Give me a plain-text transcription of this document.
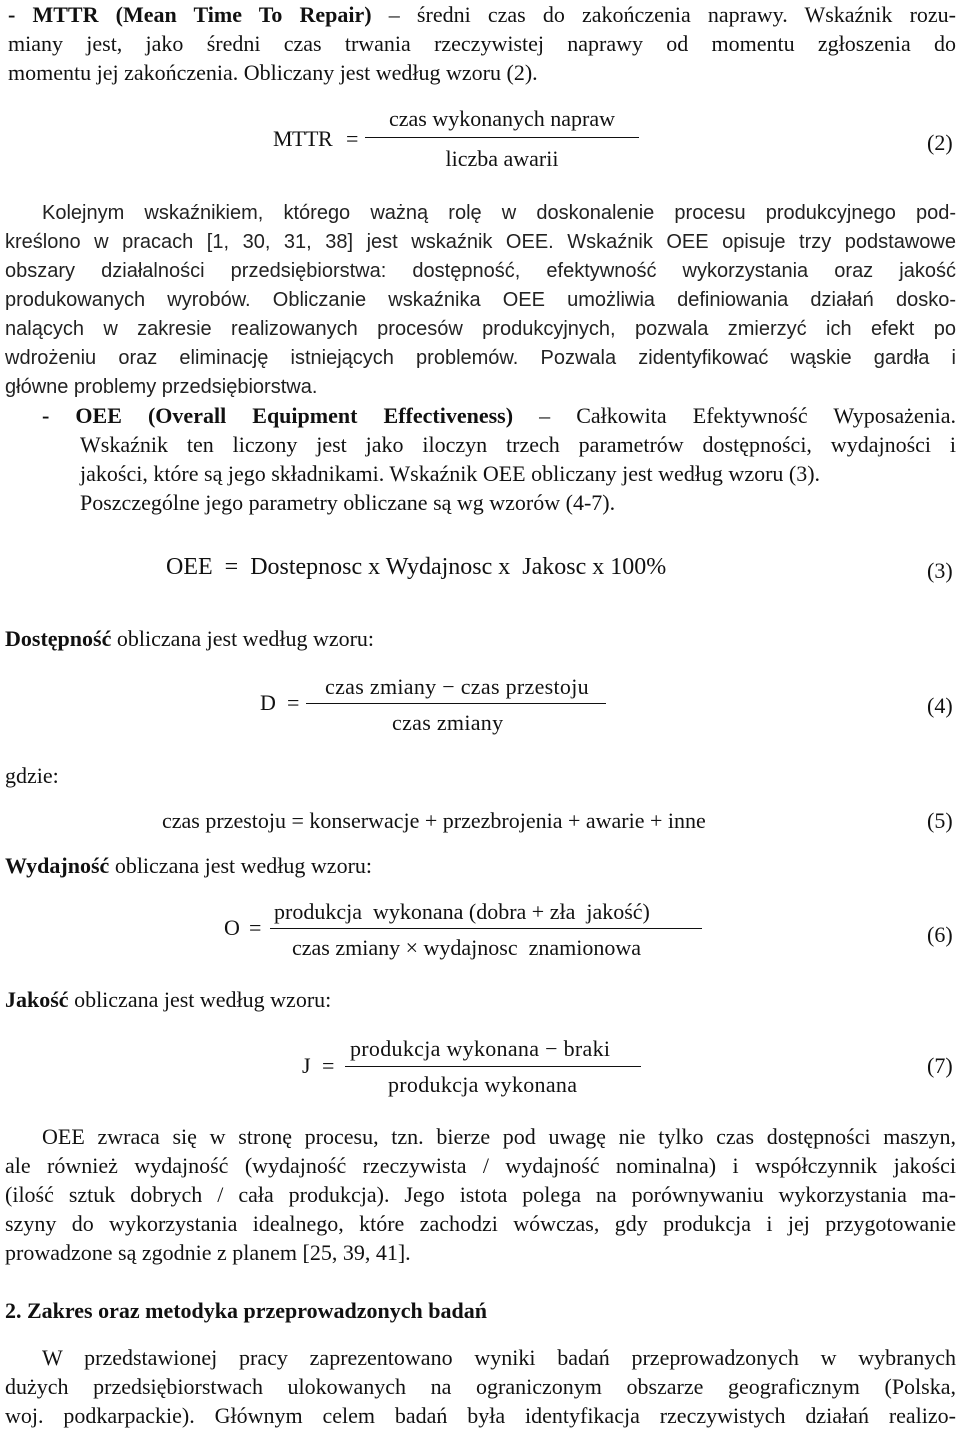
- MTTR (Mean Time To Repair) – średni czas do zakończenia naprawy. Wskaźnik rozu-
miany jest, jako średni czas trwania rzeczywistej naprawy od momentu zgłoszenia do
momentu jej zakończenia. Obliczany jest według wzoru (2).
MTTR =
czas wykonanych napraw
liczba awarii
(2)
Kolejnym wskaźnikiem, którego ważną rolę w doskonalenie procesu produkcyjnego pod-
kreślono w pracach [1, 30, 31, 38] jest wskaźnik OEE. Wskaźnik OEE opisuje trzy podstawowe
obszary działalności przedsiębiorstwa: dostępność, efektywność wykorzystania oraz jakość
produkowanych wyrobów. Obliczanie wskaźnika OEE umożliwia definiowania działań dosko-
nalących w zakresie realizowanych procesów produkcyjnych, pozwala zmierzyć ich efekt po
wdrożeniu oraz eliminację istniejących problemów. Pozwala zidentyfikować wąskie gardła i
główne problemy przedsiębiorstwa.
- OEE (Overall Equipment Effectiveness) – Całkowita Efektywność Wyposażenia.
Wskaźnik ten liczony jest jako iloczyn trzech parametrów dostępności, wydajności i
jakości, które są jego składnikami. Wskaźnik OEE obliczany jest według wzoru (3).
Poszczególne jego parametry obliczane są wg wzorów (4-7).
OEE  =  Dostepnosc x Wydajnosc x  Jakosc x 100%	(3)
Dostępność obliczana jest według wzoru:
D =
czas zmiany − czas przestoju
czas zmiany
(4)
gdzie:
czas przestoju = konserwacje + przezbrojenia + awarie + inne	(5)
Wydajność obliczana jest według wzoru:
O =
produkcja  wykonana (dobra + zła  jakość)
czas zmiany × wydajnosc  znamionowa
(6)
Jakość obliczana jest według wzoru:
J =
produkcja wykonana − braki
produkcja wykonana
(7)
OEE zwraca się w stronę procesu, tzn. bierze pod uwagę nie tylko czas dostępności maszyn,
ale również wydajność (wydajność rzeczywista / wydajność nominalna) i współczynnik jakości
(ilość sztuk dobrych / cała produkcja). Jego istota polega na porównywaniu wykorzystania ma-
szyny do wykorzystania idealnego, które zachodzi wówczas, gdy produkcja i jej przygotowanie
prowadzone są zgodnie z planem [25, 39, 41].
2. Zakres oraz metodyka przeprowadzonych badań
W przedstawionej pracy zaprezentowano wyniki badań przeprowadzonych w wybranych
dużych przedsiębiorstwach ulokowanych na ograniczonym obszarze geograficznym (Polska,
woj. podkarpackie). Głównym celem badań była identyfikacja rzeczywistych działań realizo-
